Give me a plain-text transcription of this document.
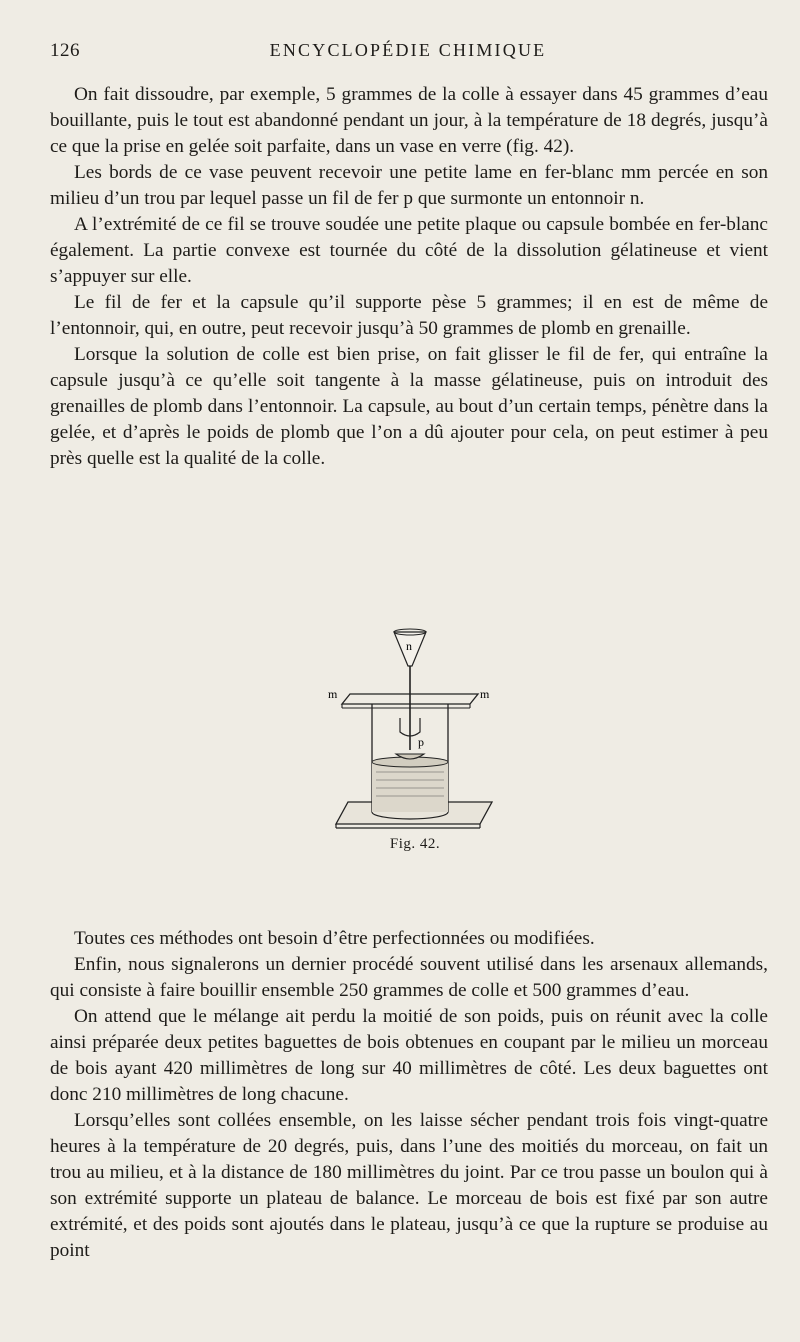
126	ENCYCLOPÉDIE CHIMIQUE

On fait dissoudre, par exemple, 5 grammes de la colle à essayer dans 45 grammes d’eau bouillante, puis le tout est abandonné pendant un jour, à la température de 18 degrés, jusqu’à ce que la prise en gelée soit parfaite, dans un vase en verre (fig. 42).

Les bords de ce vase peuvent recevoir une petite lame en fer-blanc mm percée en son milieu d’un trou par lequel passe un fil de fer p que surmonte un entonnoir n.

A l’extrémité de ce fil se trouve soudée une petite plaque ou capsule bombée en fer-blanc également. La partie convexe est tournée du côté de la dissolution gélatineuse et vient s’appuyer sur elle.

Le fil de fer et la capsule qu’il supporte pèse 5 grammes; il en est de même de l’entonnoir, qui, en outre, peut recevoir jusqu’à 50 grammes de plomb en grenaille.

Lorsque la solution de colle est bien prise, on fait glisser le fil de fer, qui entraîne la capsule jusqu’à ce qu’elle soit tangente à la masse gélatineuse, puis on introduit des grenailles de plomb dans l’entonnoir. La capsule, au bout d’un certain temps, pénètre dans la gelée, et d’après le poids de plomb que l’on a dû ajouter pour cela, on peut estimer à peu près quelle est la qualité de la colle.

n
m	m
p
Fig. 42.

Toutes ces méthodes ont besoin d’être perfectionnées ou modifiées.

Enfin, nous signalerons un dernier procédé souvent utilisé dans les arsenaux allemands, qui consiste à faire bouillir ensemble 250 grammes de colle et 500 grammes d’eau.

On attend que le mélange ait perdu la moitié de son poids, puis on réunit avec la colle ainsi préparée deux petites baguettes de bois obtenues en coupant par le milieu un morceau de bois ayant 420 millimètres de long sur 40 millimètres de côté. Les deux baguettes ont donc 210 millimètres de long chacune.

Lorsqu’elles sont collées ensemble, on les laisse sécher pendant trois fois vingt-quatre heures à la température de 20 degrés, puis, dans l’une des moitiés du morceau, on fait un trou au milieu, et à la distance de 180 millimètres du joint. Par ce trou passe un boulon qui à son extrémité supporte un plateau de balance. Le morceau de bois est fixé par son autre extrémité, et des poids sont ajoutés dans le plateau, jusqu’à ce que la rupture se produise au point
